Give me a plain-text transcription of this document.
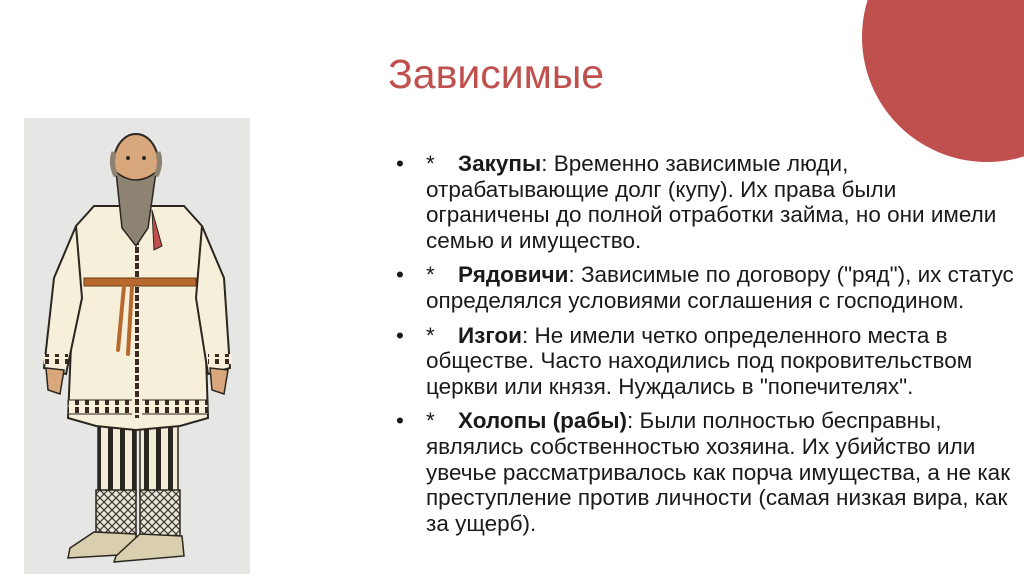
Зависимые
• * Закупы: Временно зависимые люди, отрабатывающие долг (купу). Их права были ограничены до полной отработки займа, но они имели семью и имущество.
• * Рядовичи: Зависимые по договору ("ряд"), их статус определялся условиями соглашения с господином.
• * Изгои: Не имели четко определенного места в обществе. Часто находились под покровительством церкви или князя. Нуждались в "попечителях".
• * Холопы (рабы): Были полностью бесправны, являлись собственностью хозяина. Их убийство или увечье рассматривалось как порча имущества, а не как преступление против личности (самая низкая вира, как за ущерб).
